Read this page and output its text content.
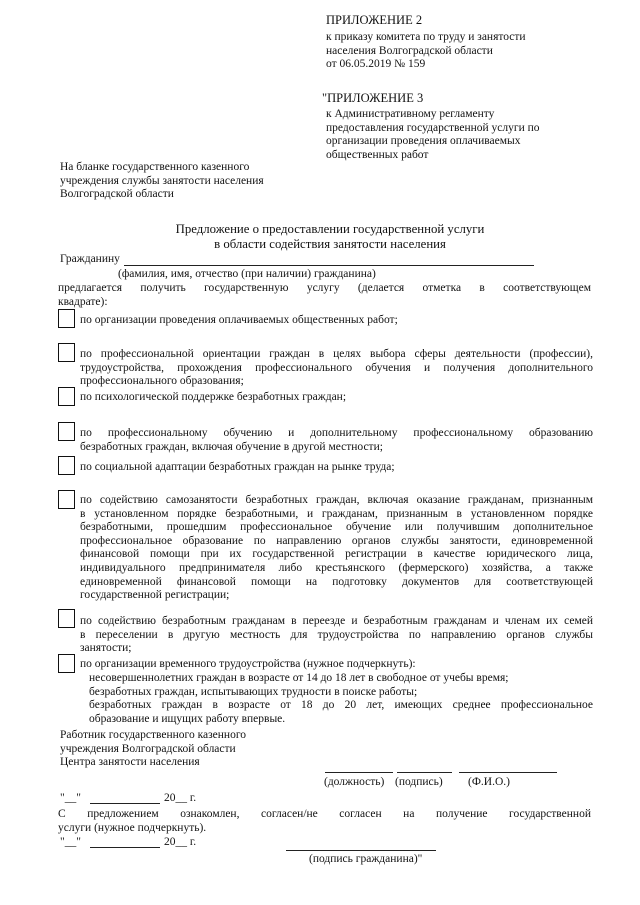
ПРИЛОЖЕНИЕ 2
к приказу комитета по труду и занятости
населения Волгоградской области
от 06.05.2019 № 159
"ПРИЛОЖЕНИЕ 3
к Административному регламенту
предоставления государственной услуги по
организации проведения оплачиваемых
общественных работ
На бланке государственного казенного
учреждения службы занятости населения
Волгоградской области
Предложение о предоставлении государственной услуги
в области содействия занятости населения
Гражданину
(фамилия, имя, отчество (при наличии) гражданина)
предлагается получить государственную услугу (делается отметка в соответствующем
квадрате):
по организации проведения оплачиваемых общественных работ;
по профессиональной ориентации граждан в целях выбора сферы деятельности (профессии),
трудоустройства, прохождения профессионального обучения и получения дополнительного
профессионального образования;
по психологической поддержке безработных граждан;
по профессиональному обучению и дополнительному профессиональному образованию
безработных граждан, включая обучение в другой местности;
по социальной адаптации безработных граждан на рынке труда;
по содействию самозанятости безработных граждан, включая оказание гражданам, признанным
в установленном порядке безработными, и гражданам, признанным в установленном порядке
безработными, прошедшим профессиональное обучение или получившим дополнительное
профессиональное образование по направлению органов службы занятости, единовременной
финансовой помощи при их государственной регистрации в качестве юридического лица,
индивидуального предпринимателя либо крестьянского (фермерского) хозяйства, а также
единовременной финансовой помощи на подготовку документов для соответствующей
государственной регистрации;
по содействию безработным гражданам в переезде и безработным гражданам и членам их семей
в переселении в другую местность для трудоустройства по направлению органов службы
занятости;
по организации временного трудоустройства (нужное подчеркнуть):
несовершеннолетних граждан в возрасте от 14 до 18 лет в свободное от учебы время;
безработных граждан, испытывающих трудности в поиске работы;
безработных граждан в возрасте от 18 до 20 лет, имеющих среднее профессиональное
образование и ищущих работу впервые.
Работник государственного казенного
учреждения Волгоградской области
Центра занятости населения
(должность) (подпись) (Ф.И.О.)
"__"	20__ г.
С предложением ознакомлен, согласен/не согласен на получение государственной
услуги (нужное подчеркнуть).
"__"	20__ г.
(подпись гражданина)"
